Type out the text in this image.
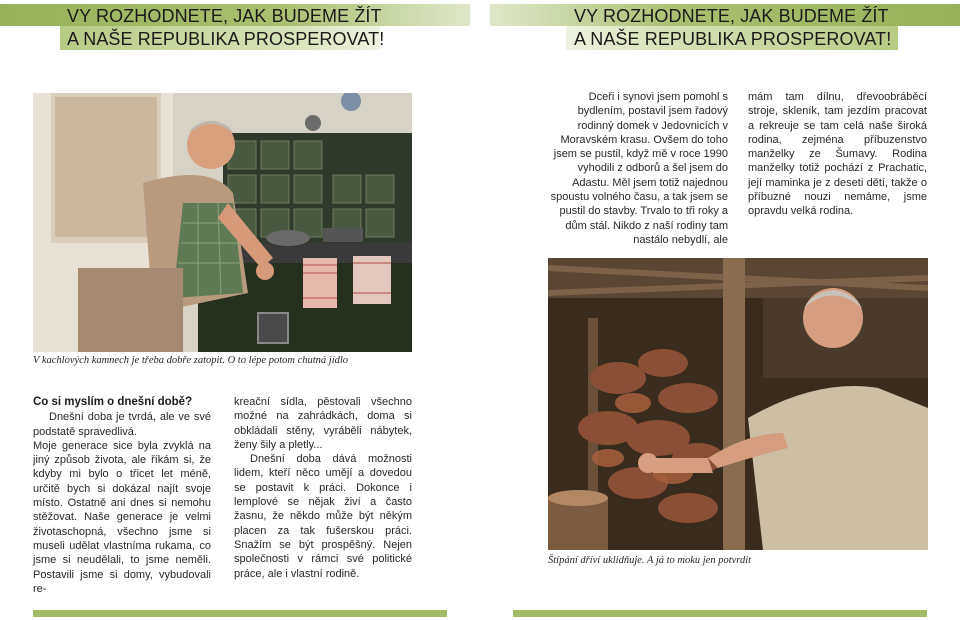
VY ROZHODNETE, JAK BUDEME ŽÍT
A NAŠE REPUBLIKA PROSPEROVAT!
VY ROZHODNETE, JAK BUDEME ŽÍT
A NAŠE REPUBLIKA PROSPEROVAT!
V kachlových kamnech je třeba dobře zatopit. O to lépe potom chutná jídlo

Dceři i synovi jsem pomohl s bydlením, postavil jsem řadový rodinný domek v Jedovnicích v Moravském krasu. Ovšem do toho jsem se pustil, když mě v roce 1990 vyhodili z odborů a šel jsem do Adastu. Měl jsem totiž najednou spoustu volného času, a tak jsem se pustil do stavby. Trvalo to tři roky a dům stál. Nikdo z naší rodiny tam nastálo nebydlí, ale

mám tam dílnu, dřevoobráběcí stroje, skleník, tam jezdím pracovat a rekreuje se tam celá naše široká rodina, zejména příbuzenstvo manželky ze Šumavy. Rodina manželky totiž pochází z Prachatic, její maminka je z deseti dětí, takže o příbuzné nouzi nemáme, jsme opravdu velká rodina.

Štípání dříví uklidňuje. A já to moku jen potvrdit
Co si myslím o dnešní době?

Dnešní doba je tvrdá, ale ve své podstatě spravedlivá.

Moje generace sice byla zvyklá na jiný způsob života, ale říkám si, že kdyby mi bylo o třicet let méně, určitě bych si dokázal najít svoje místo. Ostatně ani dnes si nemohu stěžovat. Naše generace je velmi životaschopná, všechno jsme si museli udělat vlastníma rukama, co jsme si neudělali, to jsme neměli. Postavili jsme si domy, vybudovali re-

kreační sídla, pěstovali všechno možné na zahrádkách, doma si obkládali stěny, vyráběli nábytek, ženy šily a pletly...

Dnešní doba dává možnosti lidem, kteří něco umějí a dovedou se postavit k práci. Dokonce i lemplové se nějak živí a často žasnu, že někdo může být někým placen za tak fušerskou práci. Snažím se být prospěšný. Nejen společnosti v rámci své politické práce, ale i vlastní rodině.
